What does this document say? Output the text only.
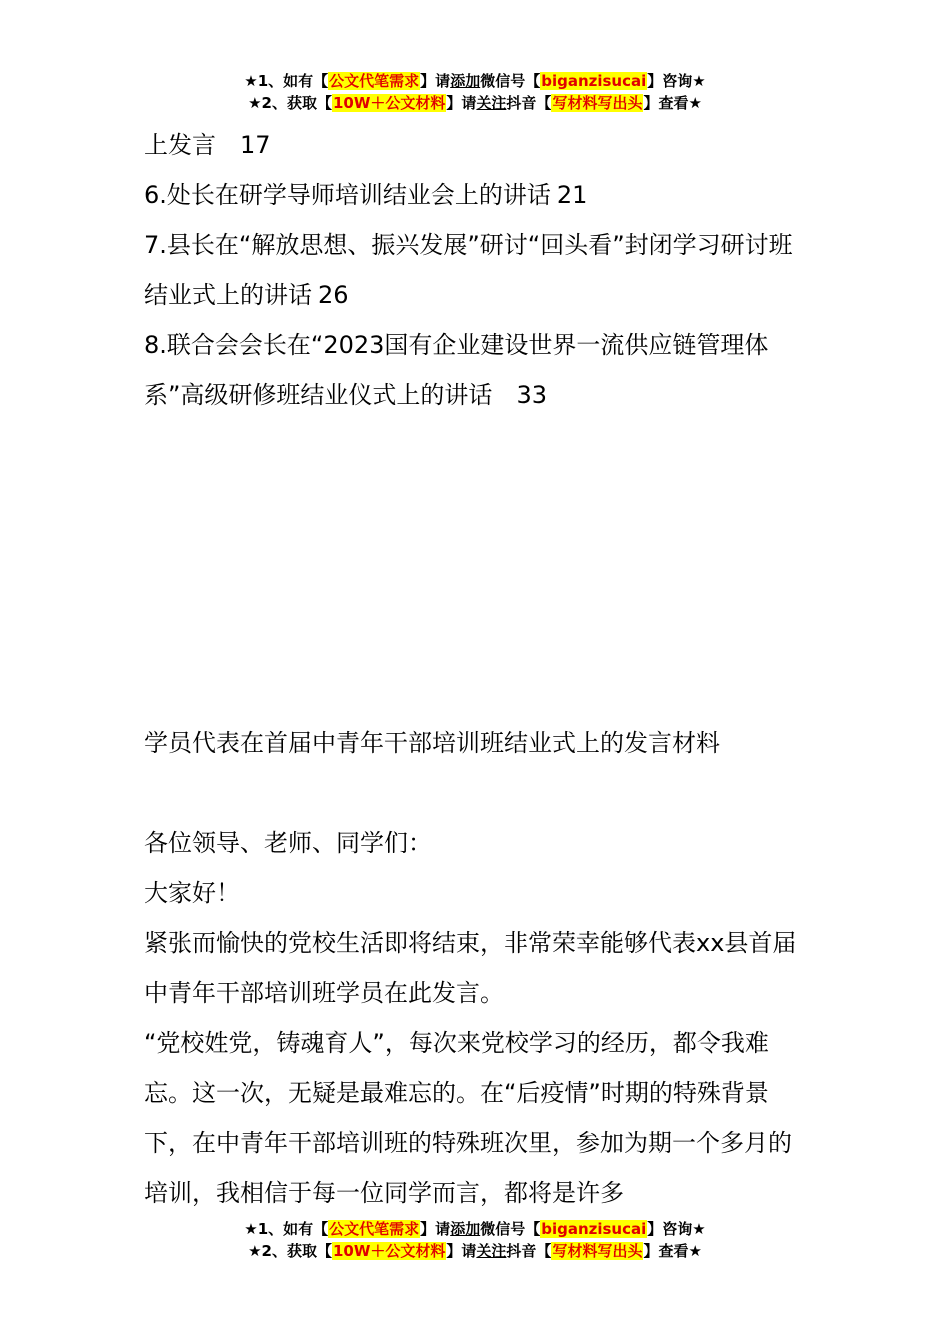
★1、如有【公文代笔需求】请添加微信号【biganzisucai】咨询★
★2、获取【10W＋公文材料】请关注抖音【写材料写出头】查看★
上发言 17
6.处长在研学导师培训结业会上的讲话 21
7.县长在“解放思想、振兴发展”研讨“回头看”封闭学习研讨班结业式上的讲话 26
8.联合会会长在“2023国有企业建设世界一流供应链管理体系”高级研修班结业仪式上的讲话 33
学员代表在首届中青年干部培训班结业式上的发言材料
各位领导、老师、同学们：
大家好！
紧张而愉快的党校生活即将结束，非常荣幸能够代表xx县首届中青年干部培训班学员在此发言。
“党校姓党，铸魂育人”，每次来党校学习的经历，都令我难忘。这一次，无疑是最难忘的。在“后疫情”时期的特殊背景下，在中青年干部培训班的特殊班次里，参加为期一个多月的培训，我相信于每一位同学而言，都将是许多
★1、如有【公文代笔需求】请添加微信号【biganzisucai】咨询★
★2、获取【10W＋公文材料】请关注抖音【写材料写出头】查看★
